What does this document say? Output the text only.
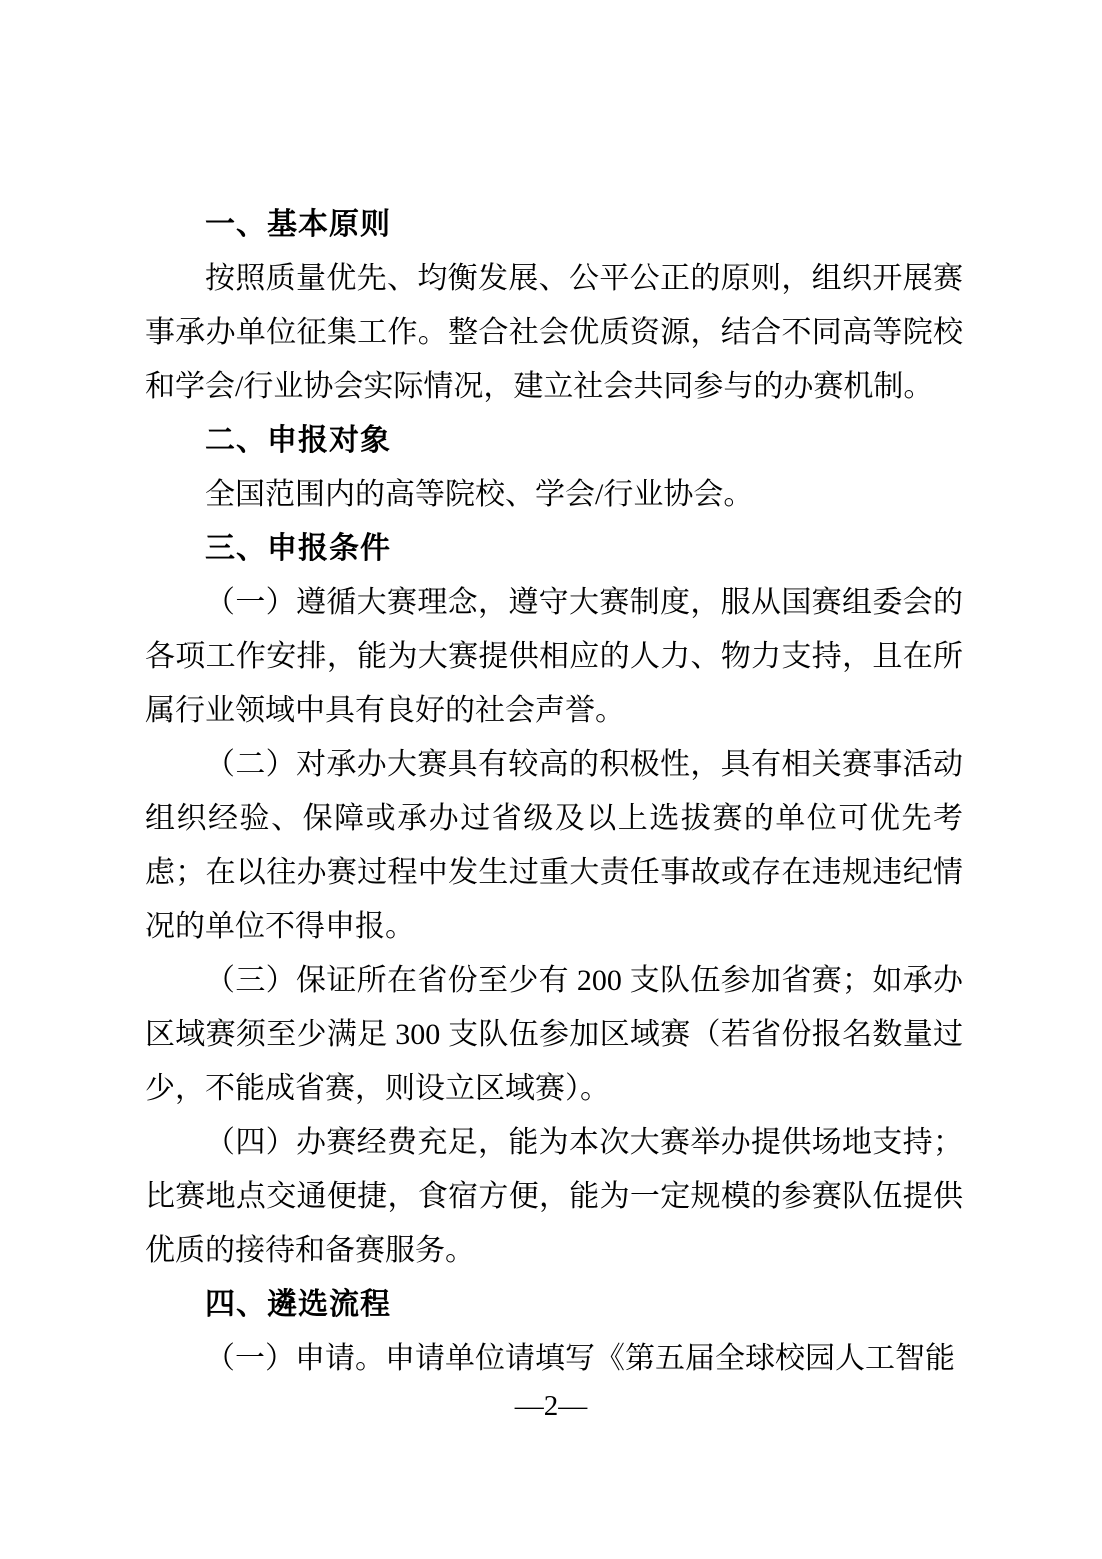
一、基本原则

按照质量优先、均衡发展、公平公正的原则，组织开展赛事承办单位征集工作。整合社会优质资源，结合不同高等院校和学会/行业协会实际情况，建立社会共同参与的办赛机制。

二、申报对象

全国范围内的高等院校、学会/行业协会。

三、申报条件

（一）遵循大赛理念，遵守大赛制度，服从国赛组委会的各项工作安排，能为大赛提供相应的人力、物力支持，且在所属行业领域中具有良好的社会声誉。

（二）对承办大赛具有较高的积极性，具有相关赛事活动组织经验、保障或承办过省级及以上选拔赛的单位可优先考虑；在以往办赛过程中发生过重大责任事故或存在违规违纪情况的单位不得申报。

（三）保证所在省份至少有 200 支队伍参加省赛；如承办区域赛须至少满足 300 支队伍参加区域赛（若省份报名数量过少，不能成省赛，则设立区域赛）。

（四）办赛经费充足，能为本次大赛举办提供场地支持；比赛地点交通便捷，食宿方便，能为一定规模的参赛队伍提供优质的接待和备赛服务。

四、遴选流程

（一）申请。申请单位请填写《第五届全球校园人工智能

—2—
